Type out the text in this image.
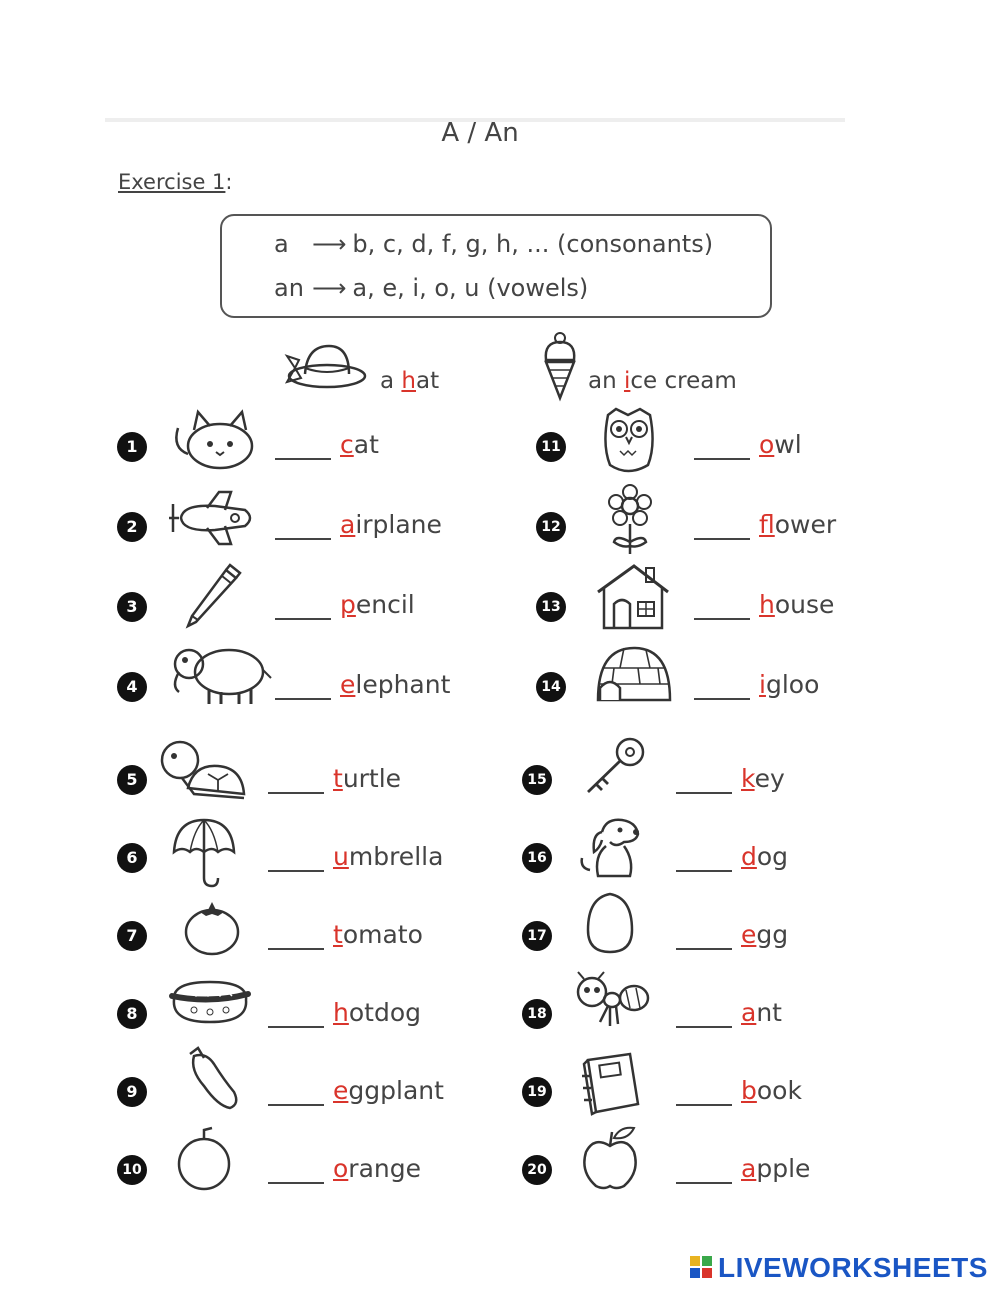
A / An
Exercise 1:
a ⟶ b, c, d, f, g, h, ... (consonants)
an ⟶ a, e, i, o, u (vowels)
a hat	an ice cream
1	cat
2	airplane
3	pencil
4	elephant
5	turtle
6	umbrella
7	tomato
8	hotdog
9	eggplant
10	orange
11	owl
12	flower
13	house
14	igloo
15	key
16	dog
17	egg
18	ant
19	book
20	apple
LIVEWORKSHEETS
